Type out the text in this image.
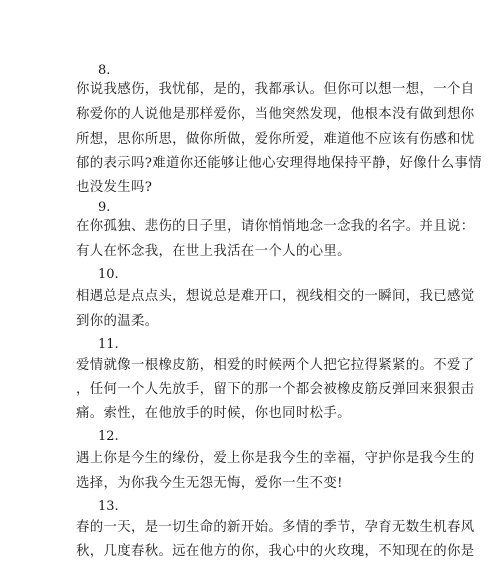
8.
你说我感伤，我忧郁，是的，我都承认。但你可以想一想，一个自
称爱你的人说他是那样爱你，当他突然发现，他根本没有做到想你
所想，思你所思，做你所做，爱你所爱，难道他不应该有伤感和忧
郁的表示吗?难道你还能够让他心安理得地保持平静，好像什么事情
也没发生吗?
9.
在你孤独、悲伤的日子里，请你悄悄地念一念我的名字。并且说：
有人在怀念我，在世上我活在一个人的心里。
10.
相遇总是点点头，想说总是难开口，视线相交的一瞬间，我已感觉
到你的温柔。
11.
爱情就像一根橡皮筋，相爱的时候两个人把它拉得紧紧的。不爱了
，任何一个人先放手，留下的那一个都会被橡皮筋反弹回来狠狠击
痛。索性，在他放手的时候，你也同时松手。
12.
遇上你是今生的缘份，爱上你是我今生的幸福，守护你是我今生的
选择，为你我今生无怨无悔，爱你一生不变!
13.
春的一天，是一切生命的新开始。多情的季节，孕育无数生机春风
秋，几度春秋。远在他方的你，我心中的火玫瑰，不知现在的你是
